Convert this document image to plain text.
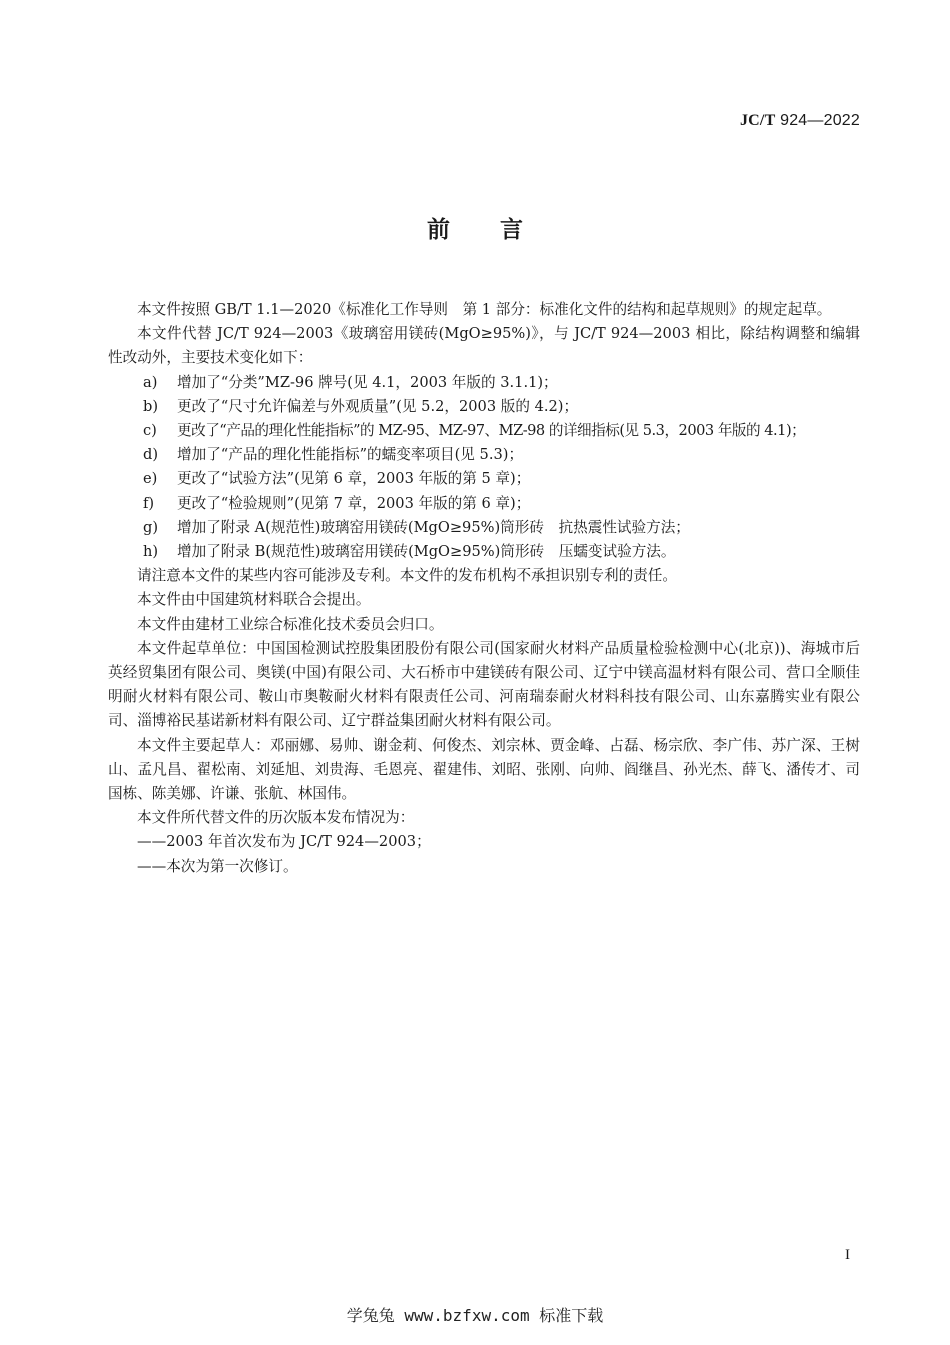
JC/T 924—2022
前 言

本文件按照 GB/T 1.1—2020《标准化工作导则　第 1 部分：标准化文件的结构和起草规则》的规定起草。

本文件代替 JC/T 924—2003《玻璃窑用镁砖(MgO≥95%)》，与 JC/T 924—2003 相比，除结构调整和编辑性改动外，主要技术变化如下：

a)	增加了“分类”MZ-96 牌号(见 4.1，2003 年版的 3.1.1)；
b)	更改了“尺寸允许偏差与外观质量”(见 5.2，2003 版的 4.2)；
c)	更改了“产品的理化性能指标”的 MZ-95、MZ-97、MZ-98 的详细指标(见 5.3，2003 年版的 4.1)；
d)	增加了“产品的理化性能指标”的蠕变率项目(见 5.3)；
e)	更改了“试验方法”(见第 6 章，2003 年版的第 5 章)；
f)	更改了“检验规则”(见第 7 章，2003 年版的第 6 章)；
g)	增加了附录 A(规范性)玻璃窑用镁砖(MgO≥95%)筒形砖　抗热震性试验方法；
h)	增加了附录 B(规范性)玻璃窑用镁砖(MgO≥95%)筒形砖　压蠕变试验方法。

请注意本文件的某些内容可能涉及专利。本文件的发布机构不承担识别专利的责任。

本文件由中国建筑材料联合会提出。

本文件由建材工业综合标准化技术委员会归口。

本文件起草单位：中国国检测试控股集团股份有限公司(国家耐火材料产品质量检验检测中心(北京))、海城市后英经贸集团有限公司、奥镁(中国)有限公司、大石桥市中建镁砖有限公司、辽宁中镁高温材料有限公司、营口全顺佳明耐火材料有限公司、鞍山市奥鞍耐火材料有限责任公司、河南瑞泰耐火材料科技有限公司、山东嘉腾实业有限公司、淄博裕民基诺新材料有限公司、辽宁群益集团耐火材料有限公司。

本文件主要起草人：邓丽娜、易帅、谢金莉、何俊杰、刘宗林、贾金峰、占磊、杨宗欣、李广伟、苏广深、王树山、孟凡昌、翟松南、刘延旭、刘贵海、毛恩亮、翟建伟、刘昭、张刚、向帅、阎继昌、孙光杰、薛飞、潘传才、司国栋、陈美娜、许谦、张航、林国伟。

本文件所代替文件的历次版本发布情况为：

——2003 年首次发布为 JC/T 924—2003；

——本次为第一次修订。

I
学兔兔 www.bzfxw.com 标准下载
